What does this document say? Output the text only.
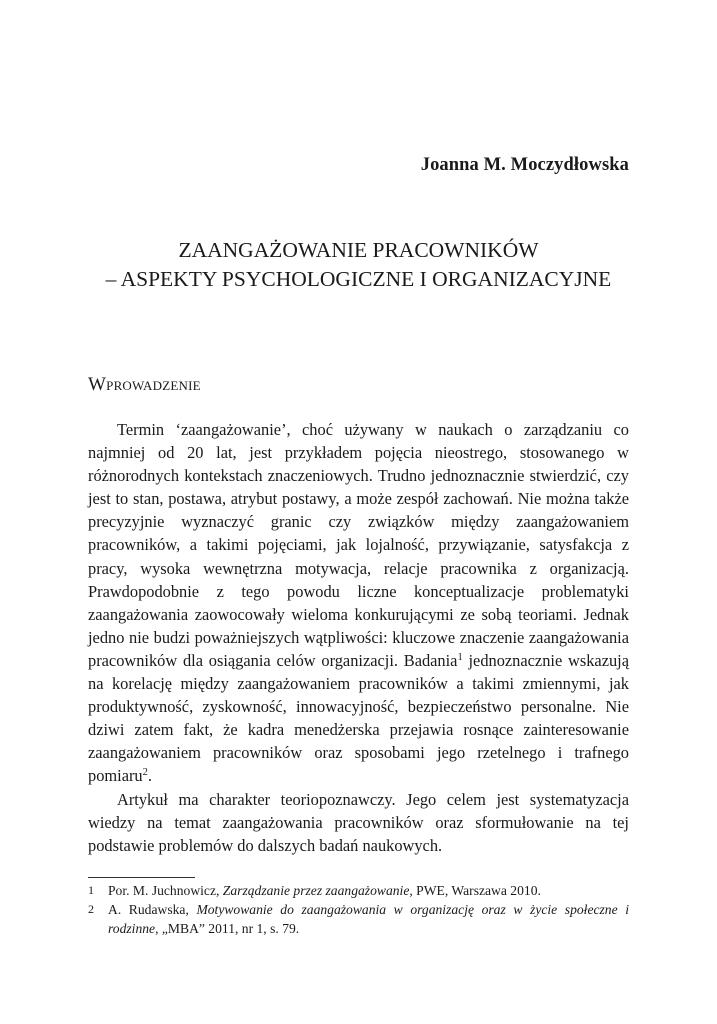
Joanna M. Moczydłowska
ZAANGAŻOWANIE PRACOWNIKÓW
– ASPEKTY PSYCHOLOGICZNE I ORGANIZACYJNE
Wprowadzenie

Termin ‘zaangażowanie’, choć używany w naukach o zarządzaniu co najmniej od 20 lat, jest przykładem pojęcia nieostrego, stosowanego w różnorodnych kontekstach znaczeniowych. Trudno jednoznacznie stwierdzić, czy jest to stan, postawa, atrybut postawy, a może zespół zachowań. Nie można także precyzyjnie wyznaczyć granic czy związków między zaangażowaniem pracowników, a takimi pojęciami, jak lojalność, przywiązanie, satysfakcja z pracy, wysoka wewnętrzna motywacja, relacje pracownika z organizacją. Prawdopodobnie z tego powodu liczne konceptualizacje problematyki zaangażowania zaowocowały wieloma konkurującymi ze sobą teoriami. Jednak jedno nie budzi poważniejszych wątpliwości: kluczowe znaczenie zaangażowania pracowników dla osiągania celów organizacji. Badania$^1$ jednoznacznie wskazują na korelację między zaangażowaniem pracowników a takimi zmiennymi, jak produktywność, zyskowność, innowacyjność, bezpieczeństwo personalne. Nie dziwi zatem fakt, że kadra menedżerska przejawia rosnące zainteresowanie zaangażowaniem pracowników oraz sposobami jego rzetelnego i trafnego pomiaru$^2$.

Artykuł ma charakter teoriopoznawczy. Jego celem jest systematyzacja wiedzy na temat zaangażowania pracowników oraz sformułowanie na tej podstawie problemów do dalszych badań naukowych.

1 Por. M. Juchnowicz, Zarządzanie przez zaangażowanie, PWE, Warszawa 2010.
2 A. Rudawska, Motywowanie do zaangażowania w organizację oraz w życie społeczne i rodzinne, „MBA” 2011, nr 1, s. 79.
